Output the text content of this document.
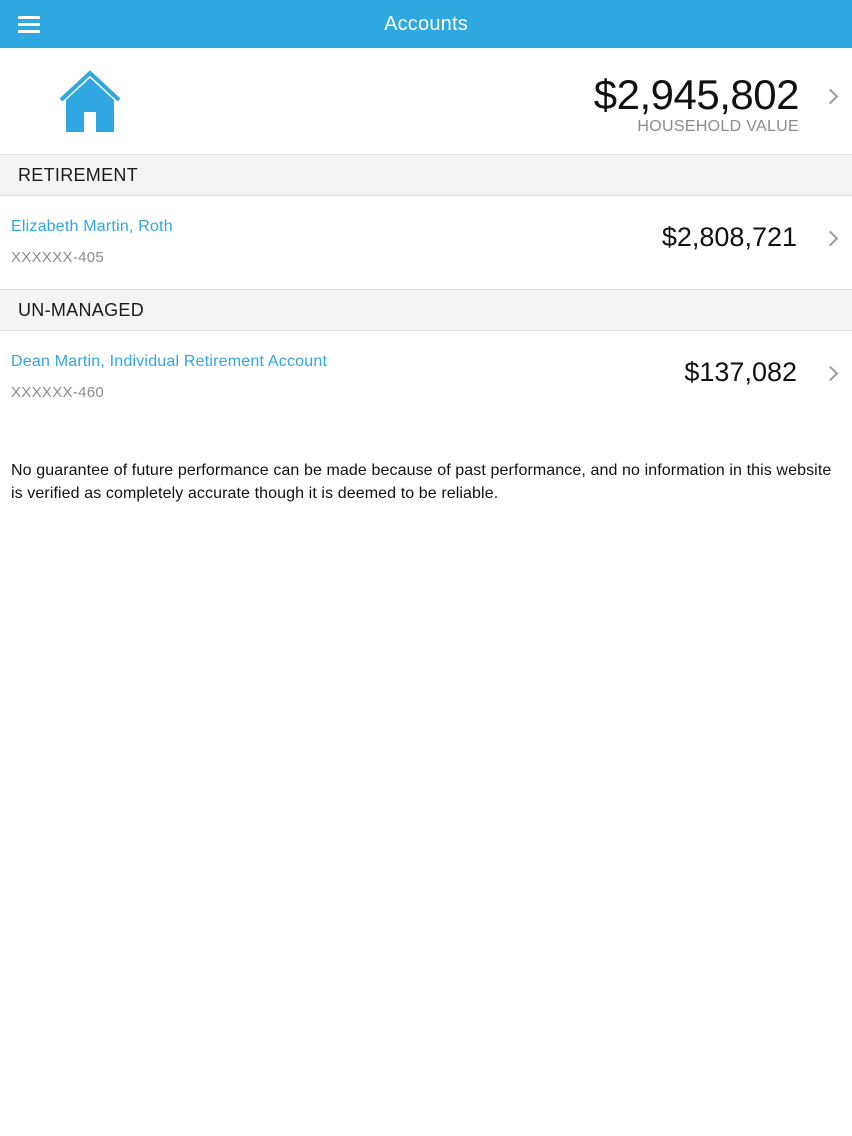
Accounts
$2,945,802
HOUSEHOLD VALUE
RETIREMENT
Elizabeth Martin, Roth
XXXXXX-405
$2,808,721
UN-MANAGED
Dean Martin, Individual Retirement Account
XXXXXX-460
$137,082
No guarantee of future performance can be made because of past performance, and no information in this website is verified as completely accurate though it is deemed to be reliable.
